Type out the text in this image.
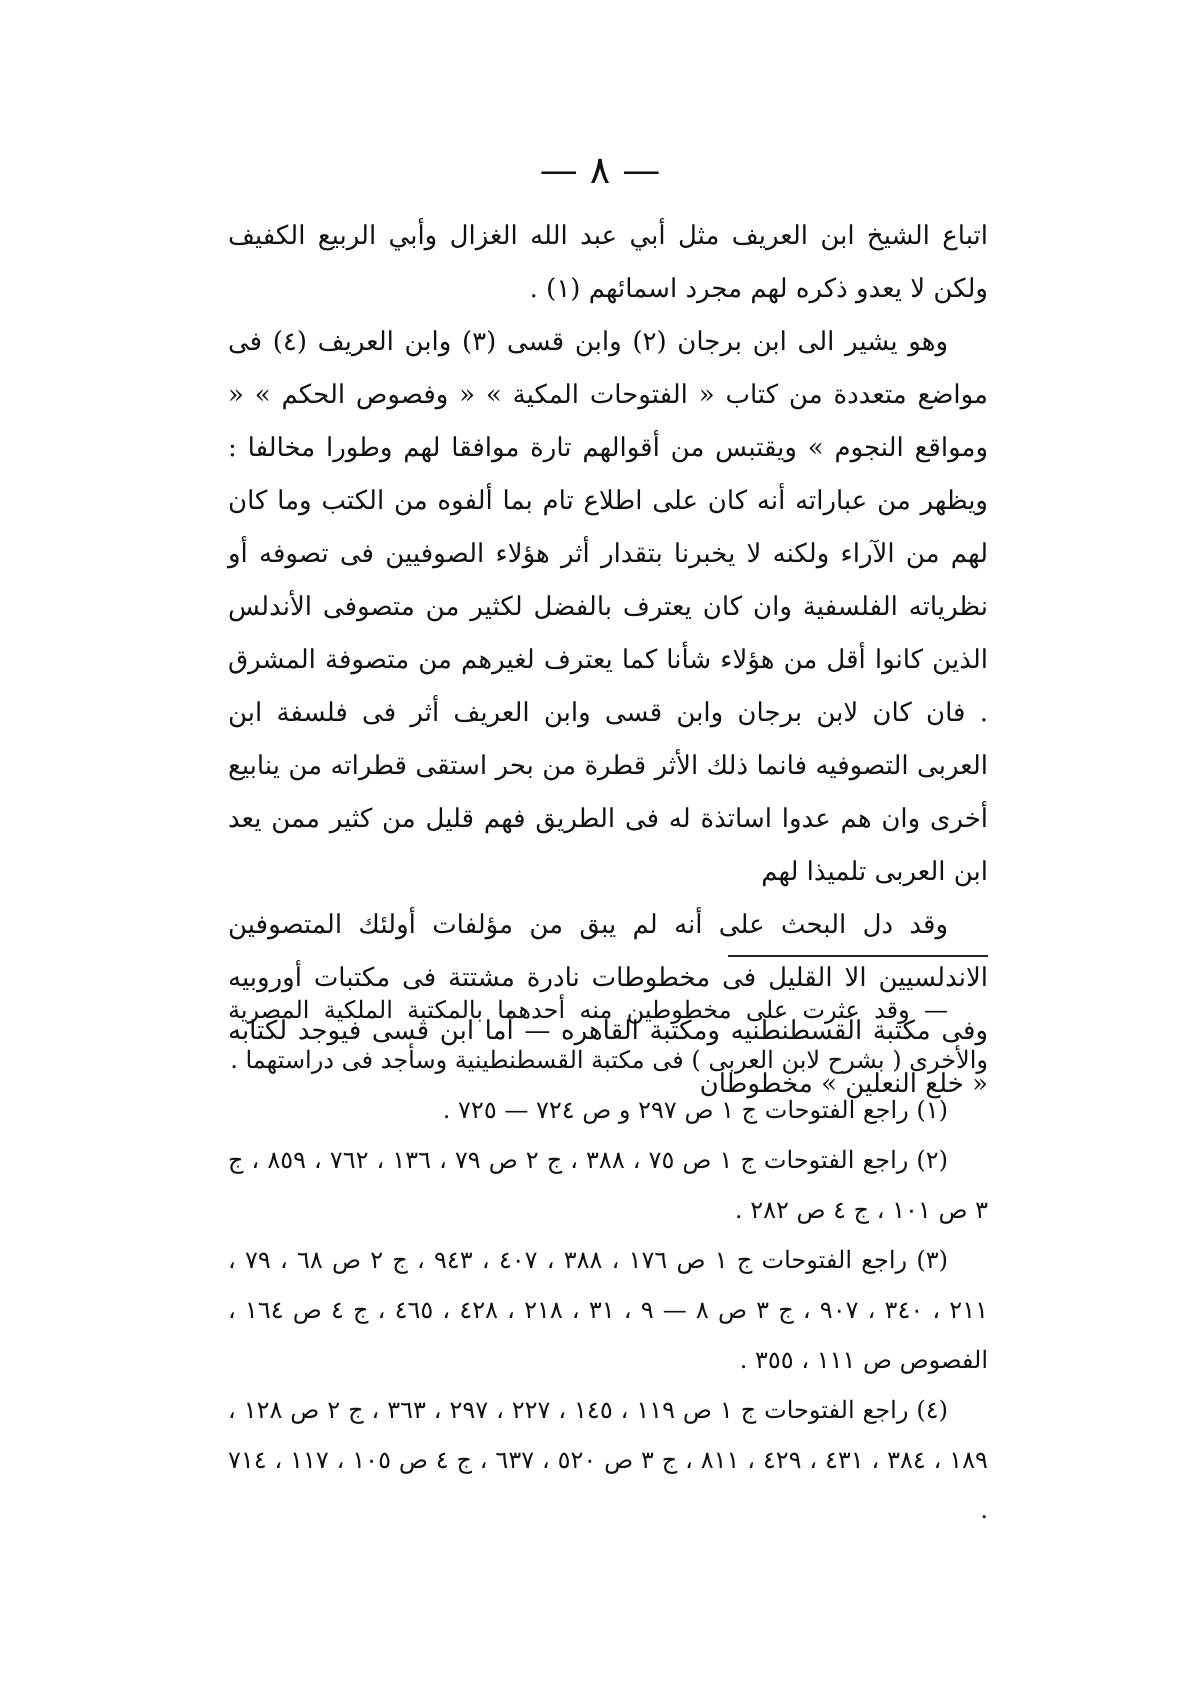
— ٨ —

اتباع الشيخ ابن العريف مثل أبي عبد الله الغزال وأبي الربيع الكفيف ولكن لا يعدو ذكره لهم مجرد اسمائهم (١) .

وهو يشير الى ابن برجان (٢) وابن قسى (٣) وابن العريف (٤) فى مواضع متعددة من كتاب « الفتوحات المكية » « وفصوص الحكم » « ومواقع النجوم » ويقتبس من أقوالهم تارة موافقا لهم وطورا مخالفا : ويظهر من عباراته أنه كان على اطلاع تام بما ألفوه من الكتب وما كان لهم من الآراء ولكنه لا يخبرنا بتقدار أثر هؤلاء الصوفيين فى تصوفه أو نظرياته الفلسفية وان كان يعترف بالفضل لكثير من متصوفى الأندلس الذين كانوا أقل من هؤلاء شأنا كما يعترف لغيرهم من متصوفة المشرق . فان كان لابن برجان وابن قسى وابن العريف أثر فى فلسفة ابن العربى التصوفيه فانما ذلك الأثر قطرة من بحر استقى قطراته من ينابيع أخرى وان هم عدوا اساتذة له فى الطريق فهم قليل من كثير ممن يعد ابن العربى تلميذا لهم

وقد دل البحث على أنه لم يبق من مؤلفات أولئك المتصوفين الاندلسيين الا القليل فى مخطوطات نادرة مشتتة فى مكتبات أوروبيه وفى مكتبة القسطنطنيه ومكتبة القاهره — أما ابن قسى فيوجد لكتابه « خلع النعلين » مخطوطان

— وقد عثرت على مخطوطين منه أحدهما بالمكتبة الملكية المصرية والأخرى ( بشرح لابن العربى ) فى مكتبة القسطنطينية وسأجد فى دراستهما .

(١) راجع الفتوحات ج ١ ص ٢٩٧ و ص ٧٢٤ — ٧٢٥ .

(٢) راجع الفتوحات ج ١ ص ٧٥ ، ٣٨٨ ، ج ٢ ص ٧٩ ، ١٣٦ ، ٧٦٢ ، ٨٥٩ ، ج ٣ ص ١٠١ ، ج ٤ ص ٢٨٢ .

(٣) راجع الفتوحات ج ١ ص ١٧٦ ، ٣٨٨ ، ٤٠٧ ، ٩٤٣ ، ج ٢ ص ٦٨ ، ٧٩ ، ٢١١ ، ٣٤٠ ، ٩٠٧ ، ج ٣ ص ٨ — ٩ ، ٣١ ، ٢١٨ ، ٤٢٨ ، ٤٦٥ ، ج ٤ ص ١٦٤ ، الفصوص ص ١١١ ، ٣٥٥ .

(٤) راجع الفتوحات ج ١ ص ١١٩ ، ١٤٥ ، ٢٢٧ ، ٢٩٧ ، ٣٦٣ ، ج ٢ ص ١٢٨ ، ١٨٩ ، ٣٨٤ ، ٤٣١ ، ٤٢٩ ، ٨١١ ، ج ٣ ص ٥٢٠ ، ٦٣٧ ، ج ٤ ص ١٠٥ ، ١١٧ ، ٧١٤ .
